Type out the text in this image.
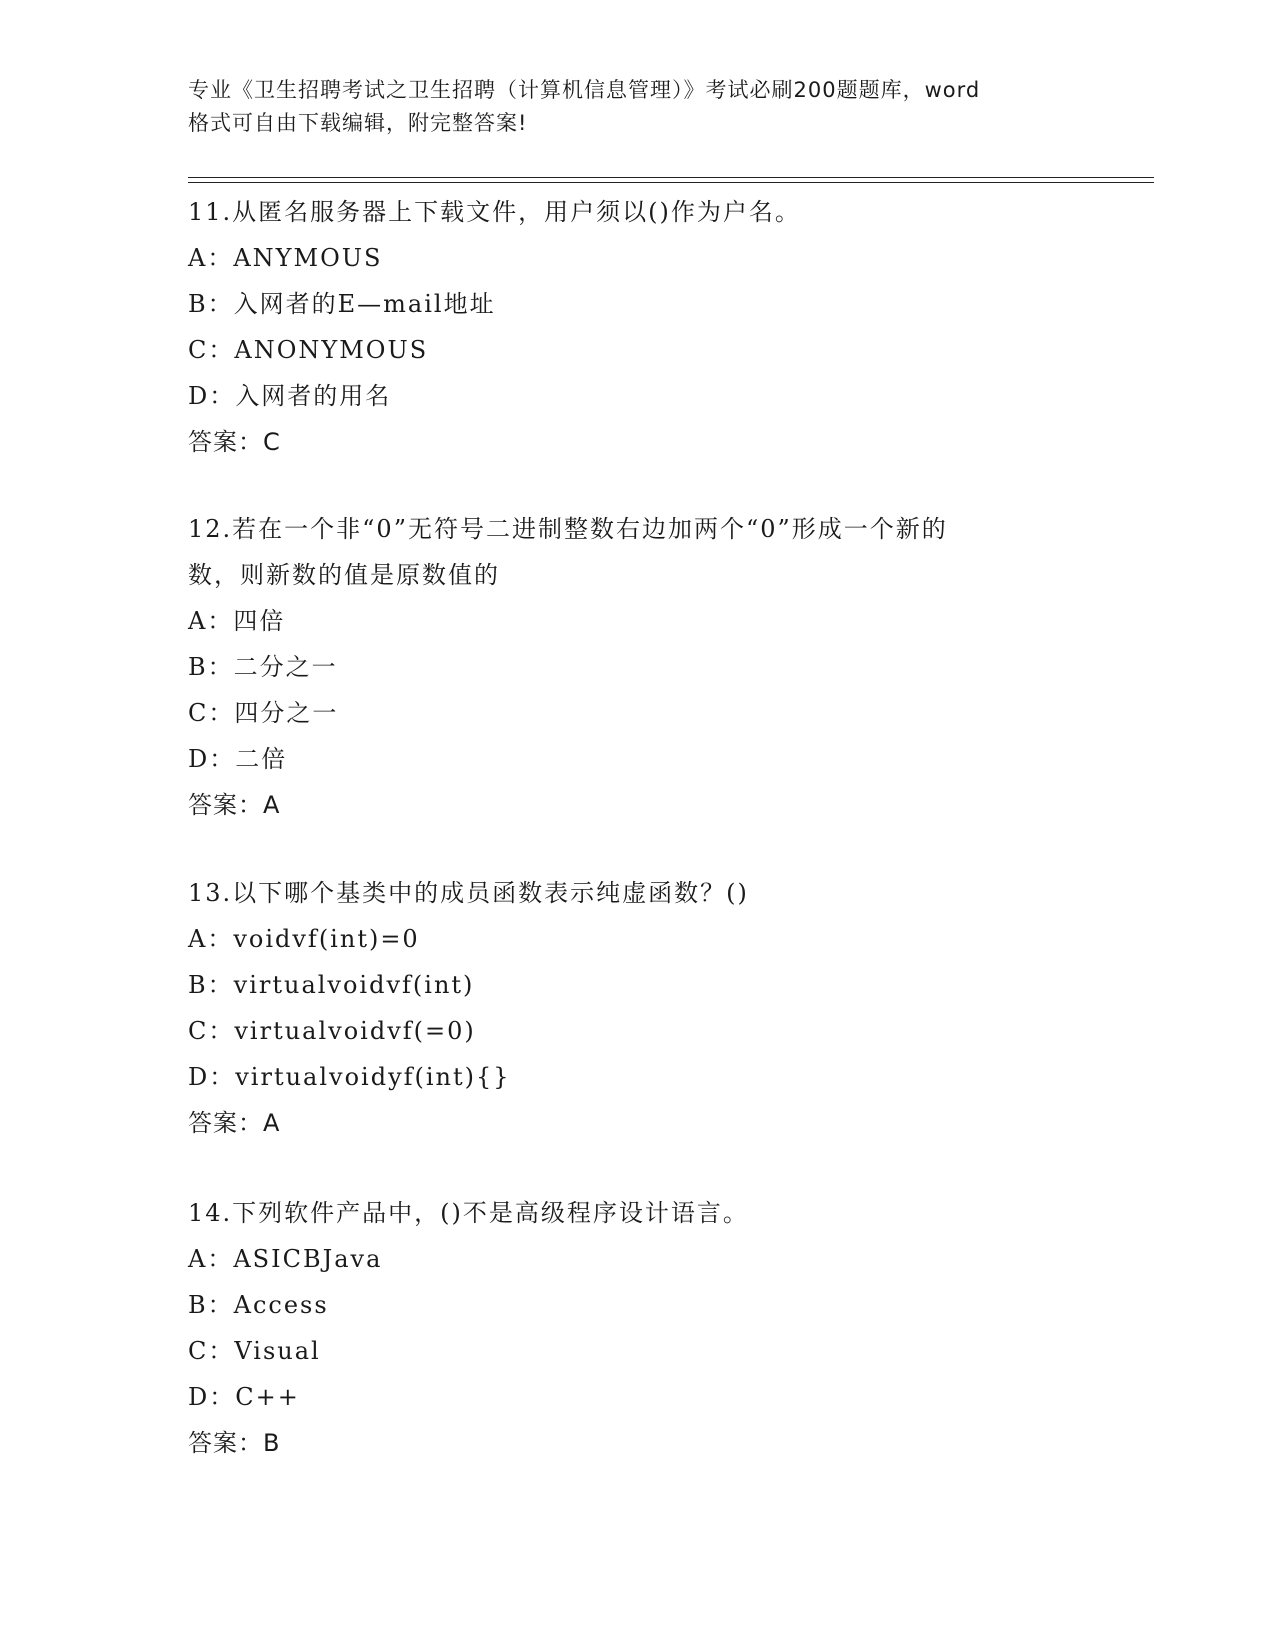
专业《卫生招聘考试之卫生招聘（计算机信息管理）》考试必刷200题题库，word
格式可自由下载编辑，附完整答案!
11.从匿名服务器上下载文件，用户须以()作为户名。
A：ANYMOUS
B：入网者的E—mail地址
C：ANONYMOUS
D：入网者的用名
答案：C
12.若在一个非“0”无符号二进制整数右边加两个“0”形成一个新的
数，则新数的值是原数值的
A：四倍
B：二分之一
C：四分之一
D：二倍
答案：A
13.以下哪个基类中的成员函数表示纯虚函数？()
A：voidvf(int)=0
B：virtualvoidvf(int)
C：virtualvoidvf(=0)
D：virtualvoidyf(int){}
答案：A
14.下列软件产品中，()不是高级程序设计语言。
A：ASICBJava
B：Access
C：Visual
D：C++
答案：B
